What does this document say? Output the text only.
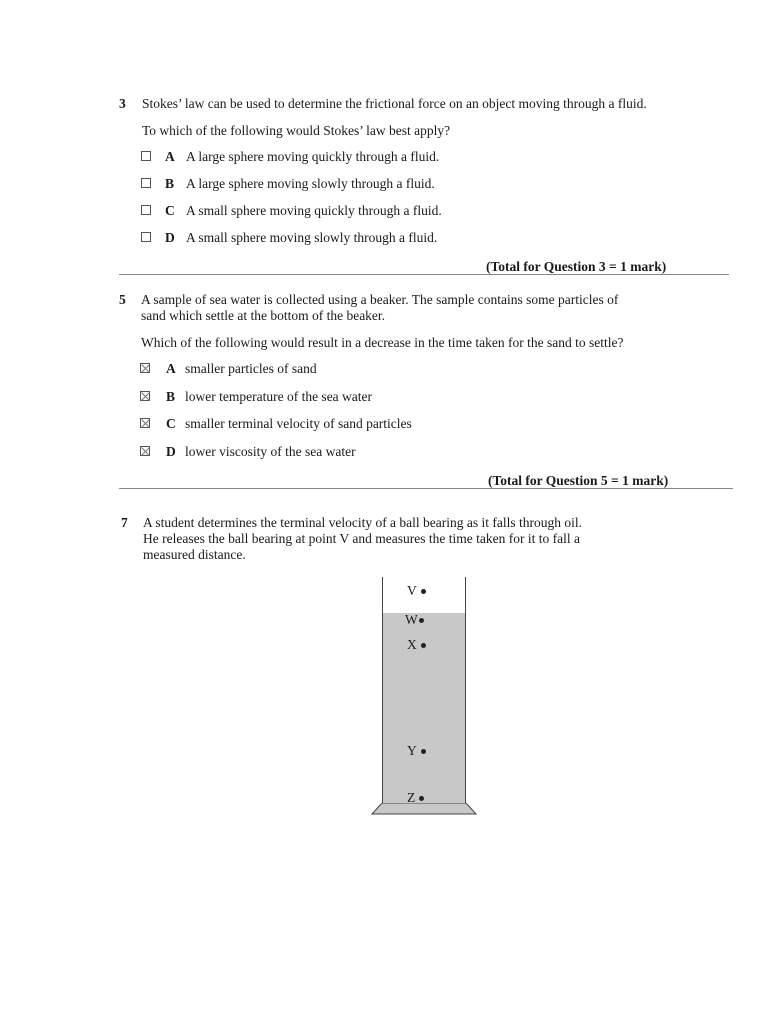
3 Stokes’ law can be used to determine the frictional force on an object moving through a fluid.
To which of the following would Stokes’ law best apply?
A A large sphere moving quickly through a fluid.
B A large sphere moving slowly through a fluid.
C A small sphere moving quickly through a fluid.
D A small sphere moving slowly through a fluid.
(Total for Question 3 = 1 mark)
5 A sample of sea water is collected using a beaker. The sample contains some particles of
sand which settle at the bottom of the beaker.
Which of the following would result in a decrease in the time taken for the sand to settle?
A smaller particles of sand
B lower temperature of the sea water
C smaller terminal velocity of sand particles
D lower viscosity of the sea water
(Total for Question 5 = 1 mark)
7 A student determines the terminal velocity of a ball bearing as it falls through oil.
He releases the ball bearing at point V and measures the time taken for it to fall a
measured distance.
V
W
X
Y
Z
